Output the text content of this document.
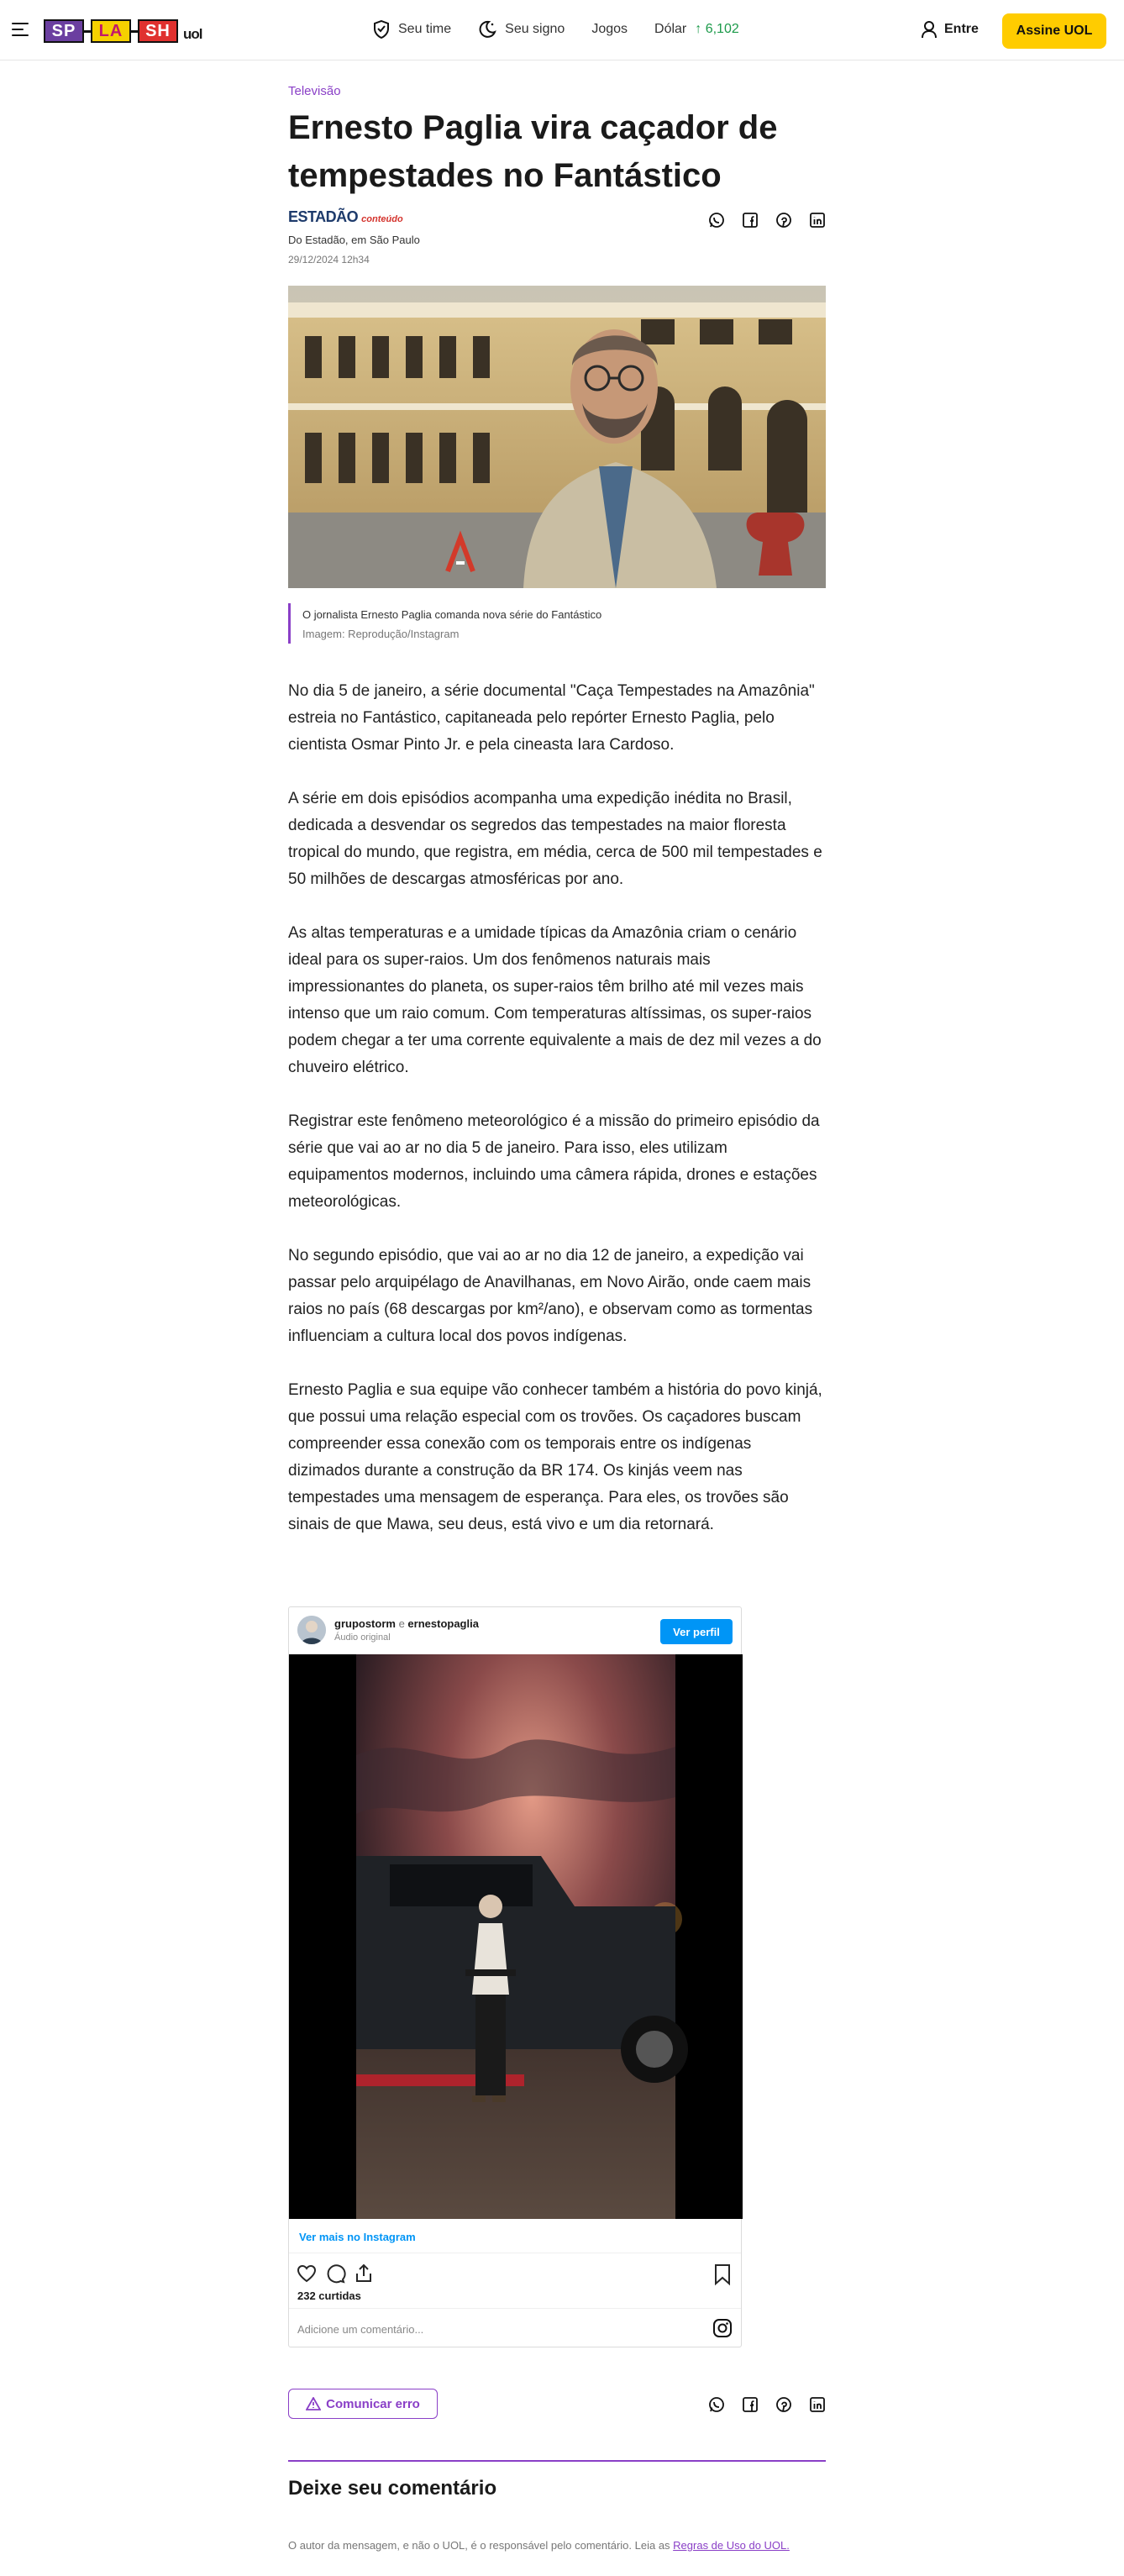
SP	LA	SH uol	Seu time	Seu signo Jogos Dólar ↑ 6,102	Entre	Assine UOL
Televisão
Ernesto Paglia vira caçador de tempestades no Fantástico
ESTADÃO conteúdo
Do Estadão, em São Paulo
29/12/2024 12h34
O jornalista Ernesto Paglia comanda nova série do Fantástico
Imagem: Reprodução/Instagram

No dia 5 de janeiro, a série documental "Caça Tempestades na Amazônia" estreia no Fantástico, capitaneada pelo repórter Ernesto Paglia, pelo cientista Osmar Pinto Jr. e pela cineasta Iara Cardoso.

A série em dois episódios acompanha uma expedição inédita no Brasil, dedicada a desvendar os segredos das tempestades na maior floresta tropical do mundo, que registra, em média, cerca de 500 mil tempestades e 50 milhões de descargas atmosféricas por ano.

As altas temperaturas e a umidade típicas da Amazônia criam o cenário ideal para os super-raios. Um dos fenômenos naturais mais impressionantes do planeta, os super-raios têm brilho até mil vezes mais intenso que um raio comum. Com temperaturas altíssimas, os super-raios podem chegar a ter uma corrente equivalente a mais de dez mil vezes a do chuveiro elétrico.

Registrar este fenômeno meteorológico é a missão do primeiro episódio da série que vai ao ar no dia 5 de janeiro. Para isso, eles utilizam equipamentos modernos, incluindo uma câmera rápida, drones e estações meteorológicas.

No segundo episódio, que vai ao ar no dia 12 de janeiro, a expedição vai passar pelo arquipélago de Anavilhanas, em Novo Airão, onde caem mais raios no país (68 descargas por km²/ano), e observam como as tormentas influenciam a cultura local dos povos indígenas.

Ernesto Paglia e sua equipe vão conhecer também a história do povo kinjá, que possui uma relação especial com os trovões. Os caçadores buscam compreender essa conexão com os temporais entre os indígenas dizimados durante a construção da BR 174. Os kinjás veem nas tempestades uma mensagem de esperança. Para eles, os trovões são sinais de que Mawa, seu deus, está vivo e um dia retornará.

grupostorm e ernestopaglia
Áudio original	Ver perfil
Ver mais no Instagram
232 curtidas
Adicione um comentário...
Comunicar erro
Deixe seu comentário
O autor da mensagem, e não o UOL, é o responsável pelo comentário. Leia as Regras de Uso do UOL.
